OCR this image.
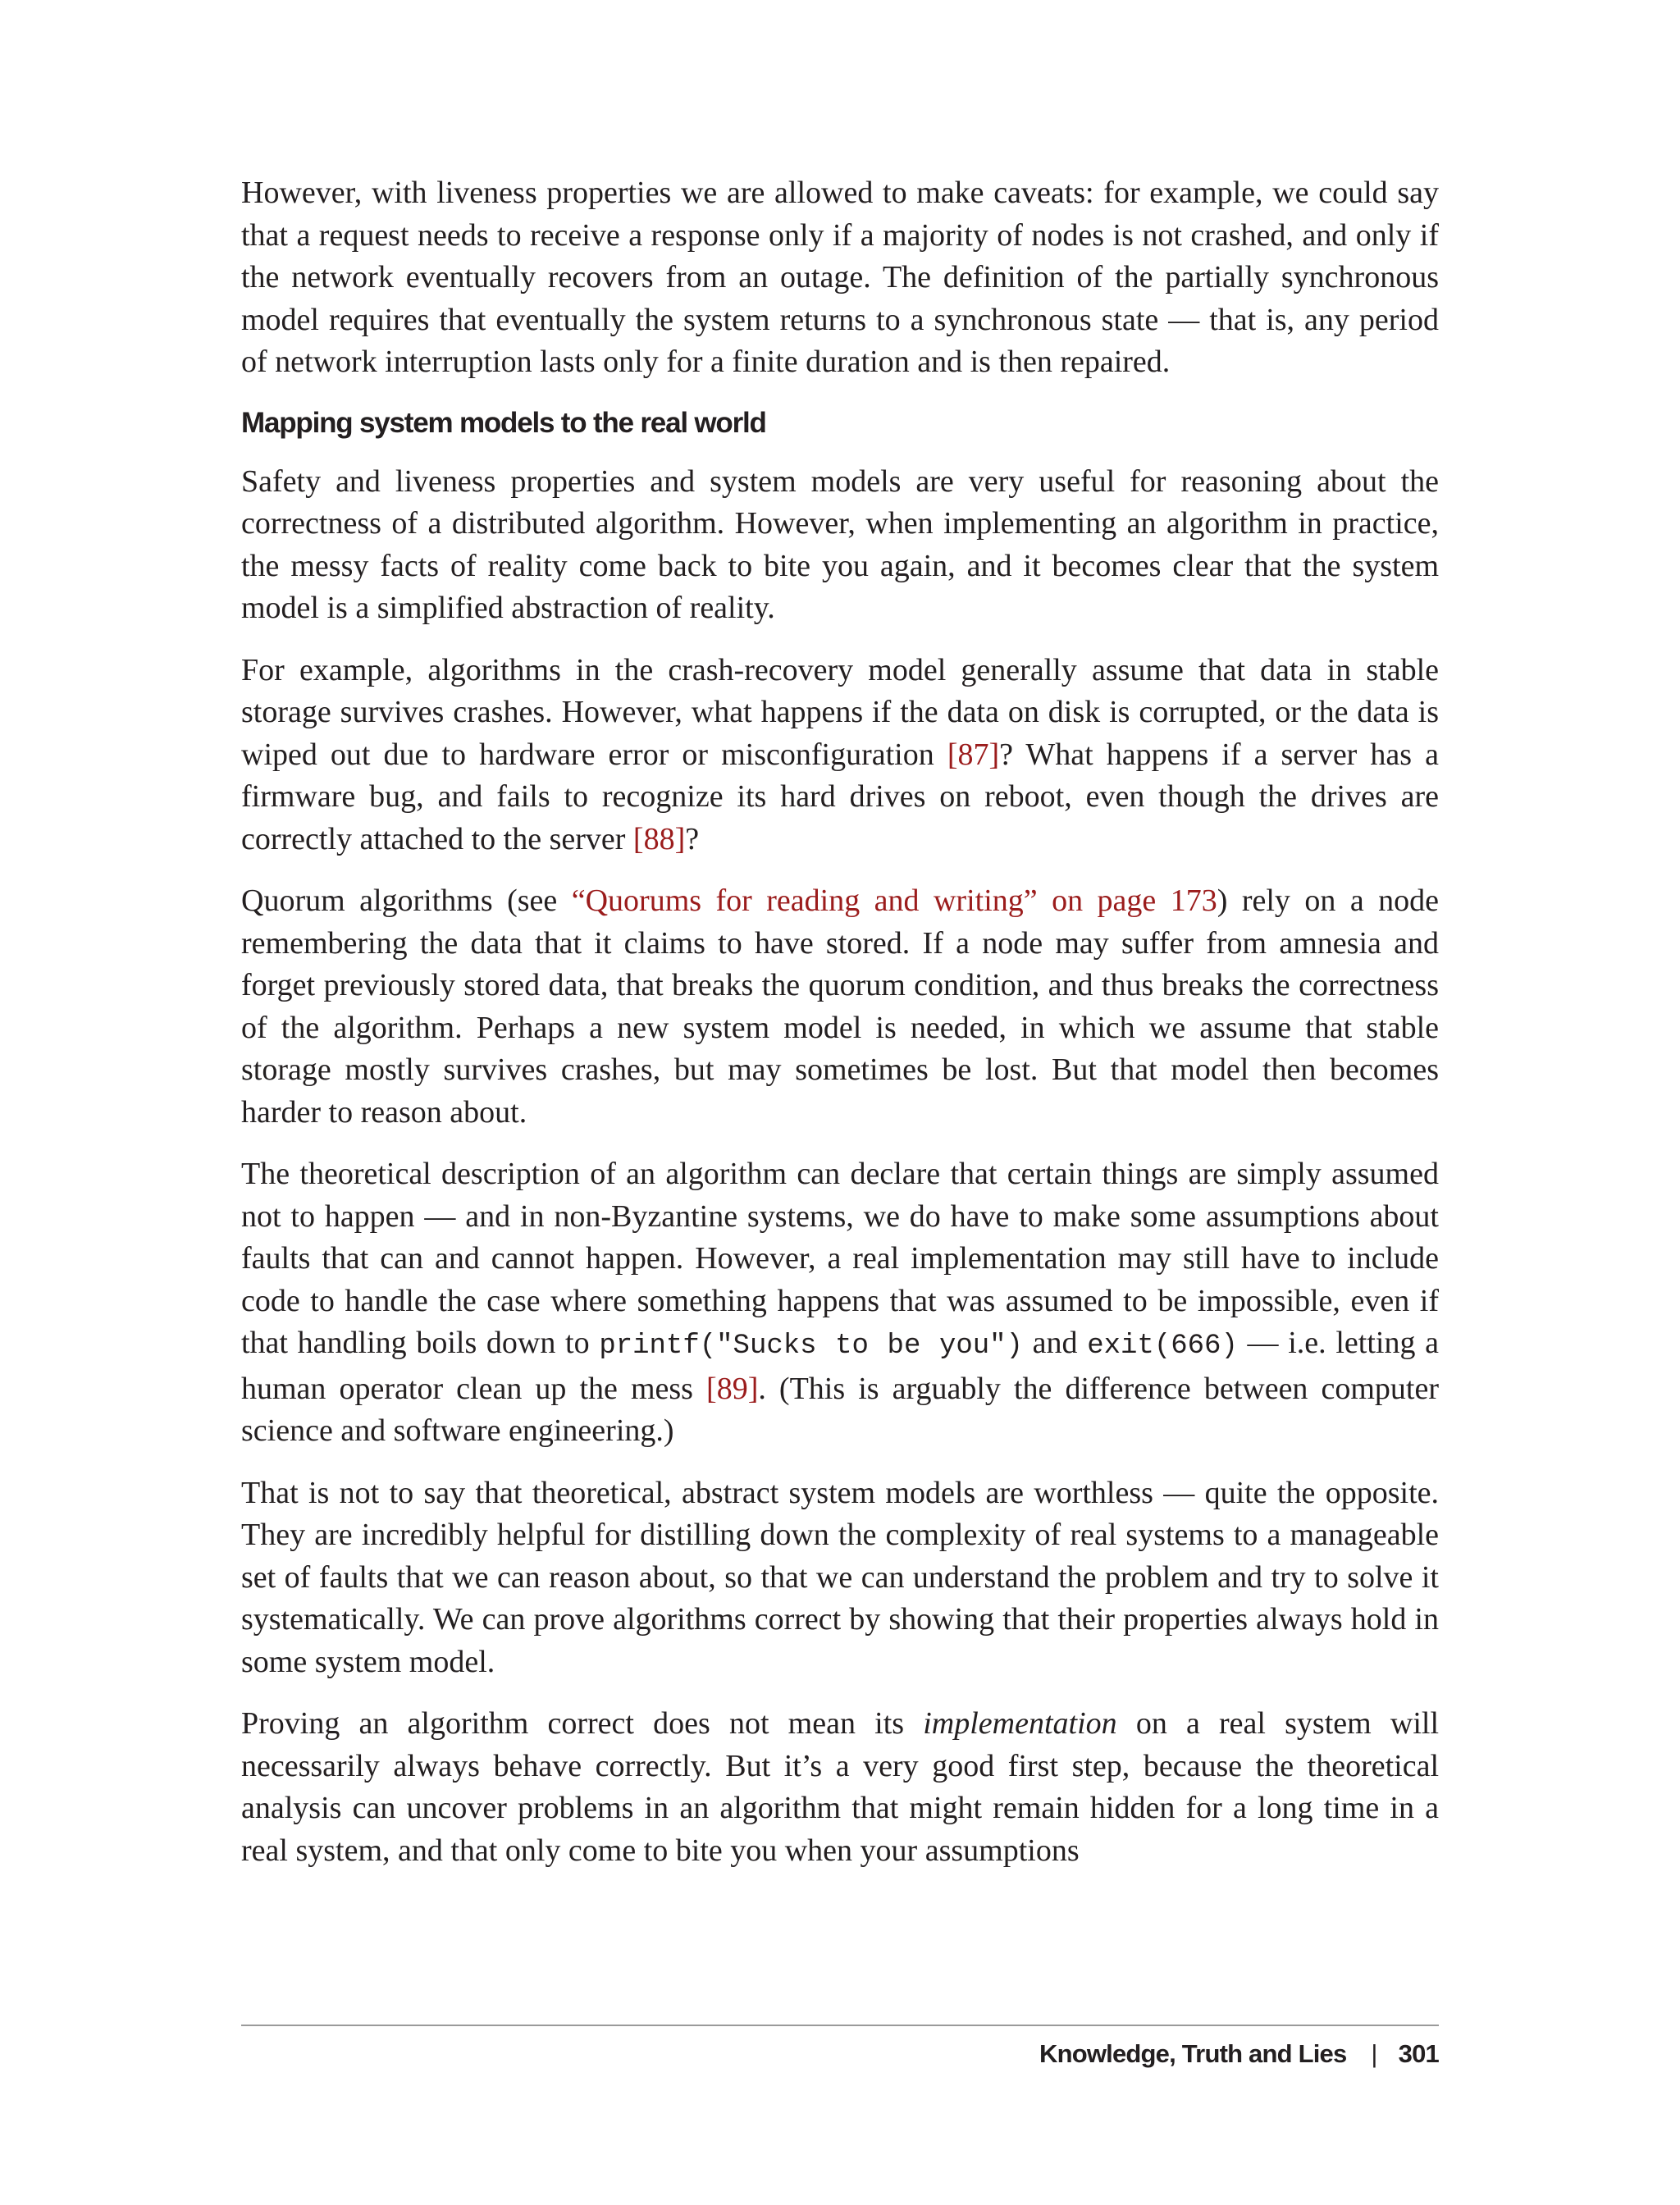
However, with liveness properties we are allowed to make caveats: for example, we could say that a request needs to receive a response only if a majority of nodes is not crashed, and only if the network eventually recovers from an outage. The definition of the partially synchronous model requires that eventually the system returns to a synchronous state — that is, any period of network interruption lasts only for a finite duration and is then repaired.

Mapping system models to the real world

Safety and liveness properties and system models are very useful for reasoning about the correctness of a distributed algorithm. However, when implementing an algorithm in practice, the messy facts of reality come back to bite you again, and it becomes clear that the system model is a simplified abstraction of reality.

For example, algorithms in the crash-recovery model generally assume that data in stable storage survives crashes. However, what happens if the data on disk is corrupted, or the data is wiped out due to hardware error or misconfiguration [87]? What happens if a server has a firmware bug, and fails to recognize its hard drives on reboot, even though the drives are correctly attached to the server [88]?

Quorum algorithms (see “Quorums for reading and writing” on page 173) rely on a node remembering the data that it claims to have stored. If a node may suffer from amnesia and forget previously stored data, that breaks the quorum condition, and thus breaks the correctness of the algorithm. Perhaps a new system model is needed, in which we assume that stable storage mostly survives crashes, but may sometimes be lost. But that model then becomes harder to reason about.

The theoretical description of an algorithm can declare that certain things are simply assumed not to happen — and in non-Byzantine systems, we do have to make some assumptions about faults that can and cannot happen. However, a real implementation may still have to include code to handle the case where something happens that was assumed to be impossible, even if that handling boils down to printf("Sucks to be you") and exit(666) — i.e. letting a human operator clean up the mess [89]. (This is arguably the difference between computer science and software engineering.)

That is not to say that theoretical, abstract system models are worthless — quite the opposite. They are incredibly helpful for distilling down the complexity of real systems to a manageable set of faults that we can reason about, so that we can understand the problem and try to solve it systematically. We can prove algorithms correct by showing that their properties always hold in some system model.

Proving an algorithm correct does not mean its implementation on a real system will necessarily always behave correctly. But it’s a very good first step, because the theoretical analysis can uncover problems in an algorithm that might remain hidden for a long time in a real system, and that only come to bite you when your assumptions

Knowledge, Truth and Lies | 301
